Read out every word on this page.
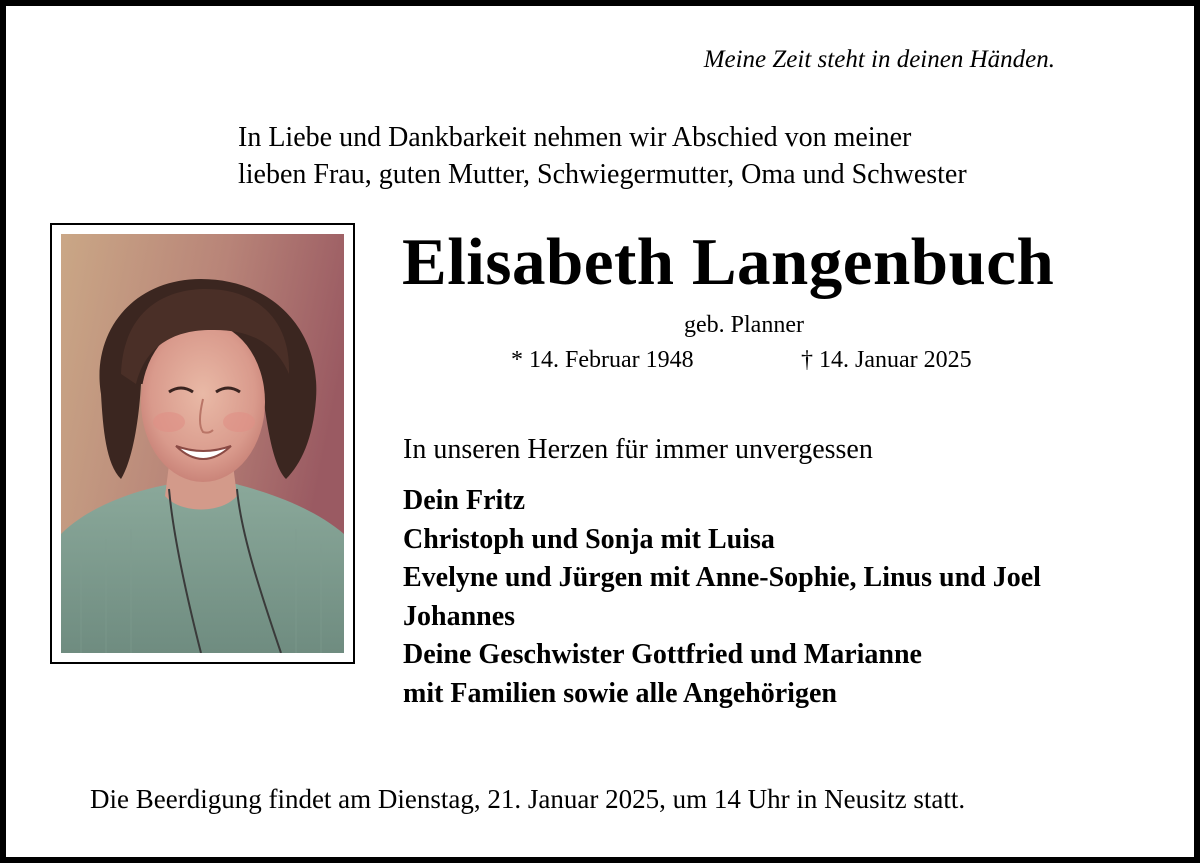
Meine Zeit steht in deinen Händen.
In Liebe und Dankbarkeit nehmen wir Abschied von meiner
lieben Frau, guten Mutter, Schwiegermutter, Oma und Schwester
Elisabeth Langenbuch
geb. Planner
* 14. Februar 1948	† 14. Januar 2025
In unseren Herzen für immer unvergessen
Dein Fritz
Christoph und Sonja mit Luisa
Evelyne und Jürgen mit Anne-Sophie, Linus und Joel
Johannes
Deine Geschwister Gottfried und Marianne
mit Familien sowie alle Angehörigen
Die Beerdigung findet am Dienstag, 21. Januar 2025, um 14 Uhr in Neusitz statt.
